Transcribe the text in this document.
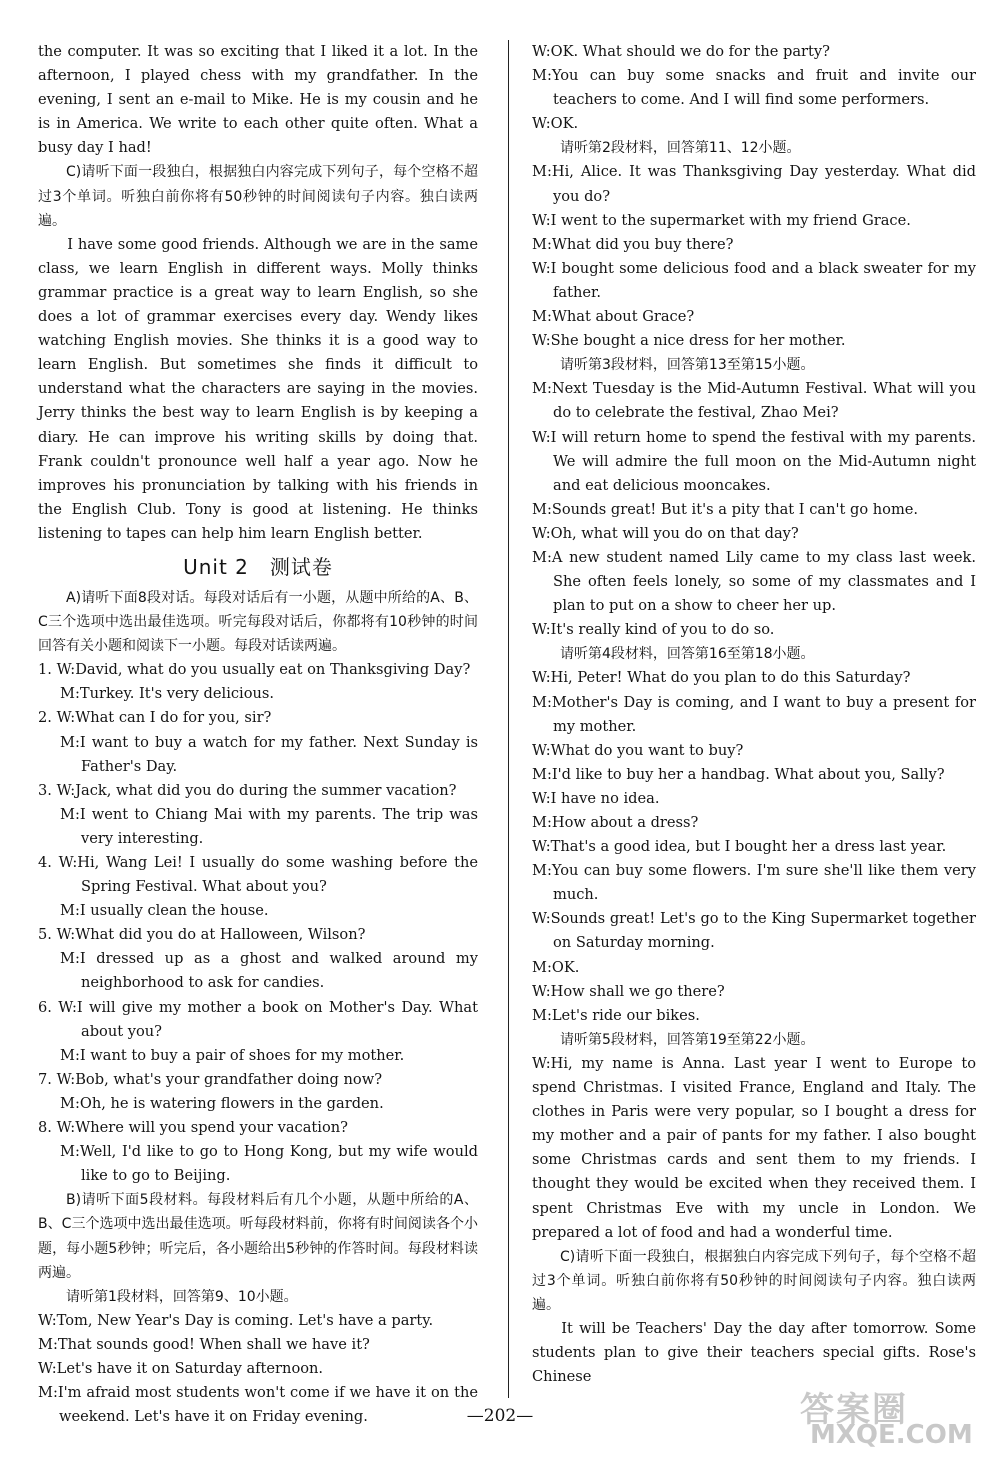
the computer. It was so exciting that I liked it a lot. In the afternoon, I played chess with my grandfather. In the evening, I sent an e-mail to Mike. He is my cousin and he is in America. We write to each other quite often. What a busy day I had!

C)请听下面一段独白，根据独白内容完成下列句子，每个空格不超过3个单词。听独白前你将有50秒钟的时间阅读句子内容。独白读两遍。

I have some good friends. Although we are in the same class, we learn English in different ways. Molly thinks grammar practice is a great way to learn English, so she does a lot of grammar exercises every day. Wendy likes watching English movies. She thinks it is a good way to learn English. But sometimes she finds it difficult to understand what the characters are saying in the movies. Jerry thinks the best way to learn English is by keeping a diary. He can improve his writing skills by doing that. Frank couldn't pronounce well half a year ago. Now he improves his pronunciation by talking with his friends in the English Club. Tony is good at listening. He thinks listening to tapes can help him learn English better.

Unit 2　测试卷

A)请听下面8段对话。每段对话后有一小题，从题中所给的A、B、C三个选项中选出最佳选项。听完每段对话后，你都将有10秒钟的时间回答有关小题和阅读下一小题。每段对话读两遍。

1. W:David, what do you usually eat on Thanksgiving Day?

M:Turkey. It's very delicious.

2. W:What can I do for you, sir?

M:I want to buy a watch for my father. Next Sunday is Father's Day.

3. W:Jack, what did you do during the summer vacation?

M:I went to Chiang Mai with my parents. The trip was very interesting.

4. W:Hi, Wang Lei! I usually do some washing before the Spring Festival. What about you?

M:I usually clean the house.

5. W:What did you do at Halloween, Wilson?

M:I dressed up as a ghost and walked around my neighborhood to ask for candies.

6. W:I will give my mother a book on Mother's Day. What about you?

M:I want to buy a pair of shoes for my mother.

7. W:Bob, what's your grandfather doing now?

M:Oh, he is watering flowers in the garden.

8. W:Where will you spend your vacation?

M:Well, I'd like to go to Hong Kong, but my wife would like to go to Beijing.

B)请听下面5段材料。每段材料后有几个小题，从题中所给的A、B、C三个选项中选出最佳选项。听每段材料前，你将有时间阅读各个小题，每小题5秒钟；听完后，各小题给出5秒钟的作答时间。每段材料读两遍。

请听第1段材料，回答第9、10小题。

W:Tom, New Year's Day is coming. Let's have a party.

M:That sounds good! When shall we have it?

W:Let's have it on Saturday afternoon.

M:I'm afraid most students won't come if we have it on the weekend. Let's have it on Friday evening.

W:OK. What should we do for the party?

M:You can buy some snacks and fruit and invite our teachers to come. And I will find some performers.

W:OK.

请听第2段材料，回答第11、12小题。

M:Hi, Alice. It was Thanksgiving Day yesterday. What did you do?

W:I went to the supermarket with my friend Grace.

M:What did you buy there?

W:I bought some delicious food and a black sweater for my father.

M:What about Grace?

W:She bought a nice dress for her mother.

请听第3段材料，回答第13至第15小题。

M:Next Tuesday is the Mid-Autumn Festival. What will you do to celebrate the festival, Zhao Mei?

W:I will return home to spend the festival with my parents. We will admire the full moon on the Mid-Autumn night and eat delicious mooncakes.

M:Sounds great! But it's a pity that I can't go home.

W:Oh, what will you do on that day?

M:A new student named Lily came to my class last week. She often feels lonely, so some of my classmates and I plan to put on a show to cheer her up.

W:It's really kind of you to do so.

请听第4段材料，回答第16至第18小题。

W:Hi, Peter! What do you plan to do this Saturday?

M:Mother's Day is coming, and I want to buy a present for my mother.

W:What do you want to buy?

M:I'd like to buy her a handbag. What about you, Sally?

W:I have no idea.

M:How about a dress?

W:That's a good idea, but I bought her a dress last year.

M:You can buy some flowers. I'm sure she'll like them very much.

W:Sounds great! Let's go to the King Supermarket together on Saturday morning.

M:OK.

W:How shall we go there?

M:Let's ride our bikes.

请听第5段材料，回答第19至第22小题。

W:Hi, my name is Anna. Last year I went to Europe to spend Christmas. I visited France, England and Italy. The clothes in Paris were very popular, so I bought a dress for my mother and a pair of pants for my father. I also bought some Christmas cards and sent them to my friends. I thought they would be excited when they received them. I spent Christmas Eve with my uncle in London. We prepared a lot of food and had a wonderful time.

C)请听下面一段独白，根据独白内容完成下列句子，每个空格不超过3个单词。听独白前你将有50秒钟的时间阅读句子内容。独白读两遍。

It will be Teachers' Day the day after tomorrow. Some students plan to give their teachers special gifts. Rose's Chinese

—202—	答案圈
MXQE.COM
